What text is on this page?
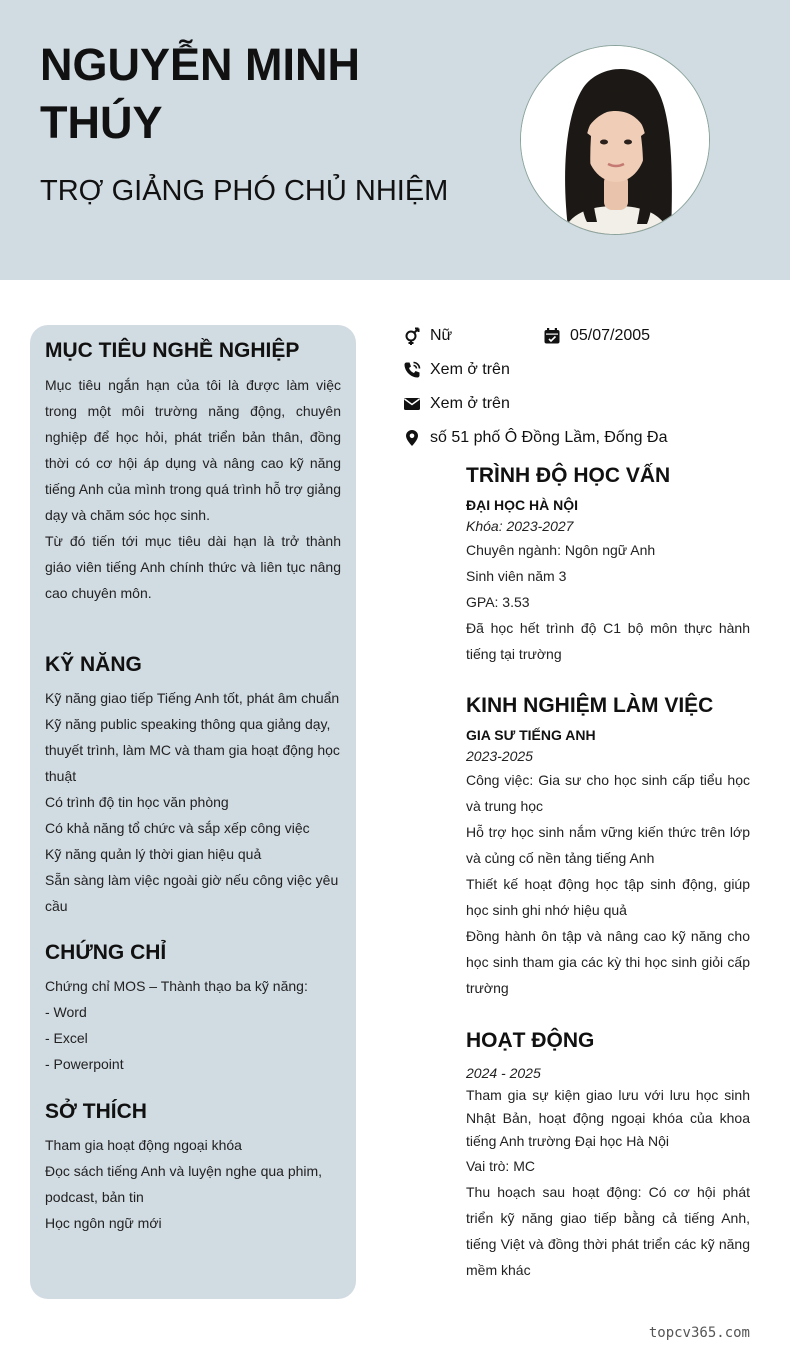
NGUYỄN MINH THÚY
TRỢ GIẢNG PHÓ CHỦ NHIỆM
MỤC TIÊU NGHỀ NGHIỆP
Mục tiêu ngắn hạn của tôi là được làm việc trong một môi trường năng động, chuyên nghiệp để học hỏi, phát triển bản thân, đồng thời có cơ hội áp dụng và nâng cao kỹ năng tiếng Anh của mình trong quá trình hỗ trợ giảng dạy và chăm sóc học sinh.
Từ đó tiến tới mục tiêu dài hạn là trở thành giáo viên tiếng Anh chính thức và liên tục nâng cao chuyên môn.
KỸ NĂNG
Kỹ năng giao tiếp Tiếng Anh tốt, phát âm chuẩn
Kỹ năng public speaking thông qua giảng dạy, thuyết trình, làm MC và tham gia hoạt động học thuật
Có trình độ tin học văn phòng
Có khả năng tổ chức và sắp xếp công việc
Kỹ năng quản lý thời gian hiệu quả
Sẵn sàng làm việc ngoài giờ nếu công việc yêu cầu
CHỨNG CHỈ
Chứng chỉ MOS – Thành thạo ba kỹ năng:
- Word
- Excel
- Powerpoint
SỞ THÍCH
Tham gia hoạt động ngoại khóa
Đọc sách tiếng Anh và luyện nghe qua phim, podcast, bản tin
Học ngôn ngữ mới
Nữ	05/07/2005
Xem ở trên
Xem ở trên
số 51 phố Ô Đồng Lầm, Đống Đa
TRÌNH ĐỘ HỌC VẤN
ĐẠI HỌC HÀ NỘI
Khóa: 2023-2027
Chuyên ngành: Ngôn ngữ Anh
Sinh viên năm 3
GPA: 3.53
Đã học hết trình độ C1 bộ môn thực hành tiếng tại trường
KINH NGHIỆM LÀM VIỆC
GIA SƯ TIẾNG ANH
2023-2025
Công việc: Gia sư cho học sinh cấp tiểu học và trung học
Hỗ trợ học sinh nắm vững kiến thức trên lớp và củng cố nền tảng tiếng Anh
Thiết kế hoạt động học tập sinh động, giúp học sinh ghi nhớ hiệu quả
Đồng hành ôn tập và nâng cao kỹ năng cho học sinh tham gia các kỳ thi học sinh giỏi cấp trường
HOẠT ĐỘNG
2024 - 2025
Tham gia sự kiện giao lưu với lưu học sinh Nhật Bản, hoạt động ngoại khóa của khoa tiếng Anh trường Đại học Hà Nội
Vai trò: MC
Thu hoạch sau hoạt động: Có cơ hội phát triển kỹ năng giao tiếp bằng cả tiếng Anh, tiếng Việt và đồng thời phát triển các kỹ năng mềm khác
topcv365.com
